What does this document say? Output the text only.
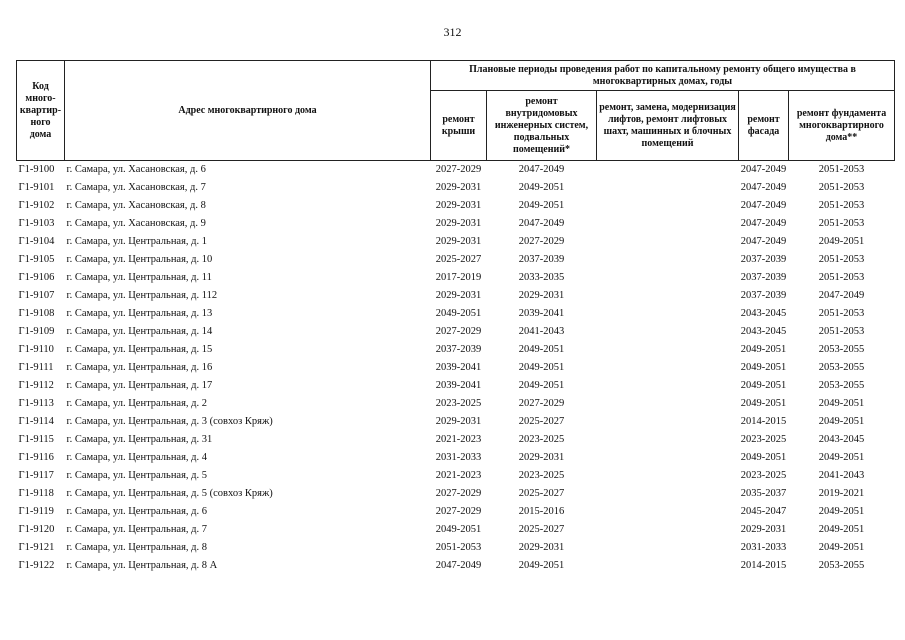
312
Код много-квартир-ного дома	Адрес многоквартирного дома	Плановые периоды проведения работ по капитальному ремонту общего имущества в многоквартирных домах, годы				
		ремонт крыши	ремонт внутридомовых инженерных систем, подвальных помещений*	ремонт, замена, модернизация лифтов, ремонт лифтовых шахт, машинных и блочных помещений	ремонт фасада	ремонт фундамента многоквартирного дома**
Г1-9100	г. Самара, ул. Хасановская, д. 6	2027-2029	2047-2049		2047-2049	2051-2053
Г1-9101	г. Самара, ул. Хасановская, д. 7	2029-2031	2049-2051		2047-2049	2051-2053
Г1-9102	г. Самара, ул. Хасановская, д. 8	2029-2031	2049-2051		2047-2049	2051-2053
Г1-9103	г. Самара, ул. Хасановская, д. 9	2029-2031	2047-2049		2047-2049	2051-2053
Г1-9104	г. Самара, ул. Центральная, д. 1	2029-2031	2027-2029		2047-2049	2049-2051
Г1-9105	г. Самара, ул. Центральная, д. 10	2025-2027	2037-2039		2037-2039	2051-2053
Г1-9106	г. Самара, ул. Центральная, д. 11	2017-2019	2033-2035		2037-2039	2051-2053
Г1-9107	г. Самара, ул. Центральная, д. 112	2029-2031	2029-2031		2037-2039	2047-2049
Г1-9108	г. Самара, ул. Центральная, д. 13	2049-2051	2039-2041		2043-2045	2051-2053
Г1-9109	г. Самара, ул. Центральная, д. 14	2027-2029	2041-2043		2043-2045	2051-2053
Г1-9110	г. Самара, ул. Центральная, д. 15	2037-2039	2049-2051		2049-2051	2053-2055
Г1-9111	г. Самара, ул. Центральная, д. 16	2039-2041	2049-2051		2049-2051	2053-2055
Г1-9112	г. Самара, ул. Центральная, д. 17	2039-2041	2049-2051		2049-2051	2053-2055
Г1-9113	г. Самара, ул. Центральная, д. 2	2023-2025	2027-2029		2049-2051	2049-2051
Г1-9114	г. Самара, ул. Центральная, д. 3 (совхоз Кряж)	2029-2031	2025-2027		2014-2015	2049-2051
Г1-9115	г. Самара, ул. Центральная, д. 31	2021-2023	2023-2025		2023-2025	2043-2045
Г1-9116	г. Самара, ул. Центральная, д. 4	2031-2033	2029-2031		2049-2051	2049-2051
Г1-9117	г. Самара, ул. Центральная, д. 5	2021-2023	2023-2025		2023-2025	2041-2043
Г1-9118	г. Самара, ул. Центральная, д. 5 (совхоз Кряж)	2027-2029	2025-2027		2035-2037	2019-2021
Г1-9119	г. Самара, ул. Центральная, д. 6	2027-2029	2015-2016		2045-2047	2049-2051
Г1-9120	г. Самара, ул. Центральная, д. 7	2049-2051	2025-2027		2029-2031	2049-2051
Г1-9121	г. Самара, ул. Центральная, д. 8	2051-2053	2029-2031		2031-2033	2049-2051
Г1-9122	г. Самара, ул. Центральная, д. 8 А	2047-2049	2049-2051		2014-2015	2053-2055
